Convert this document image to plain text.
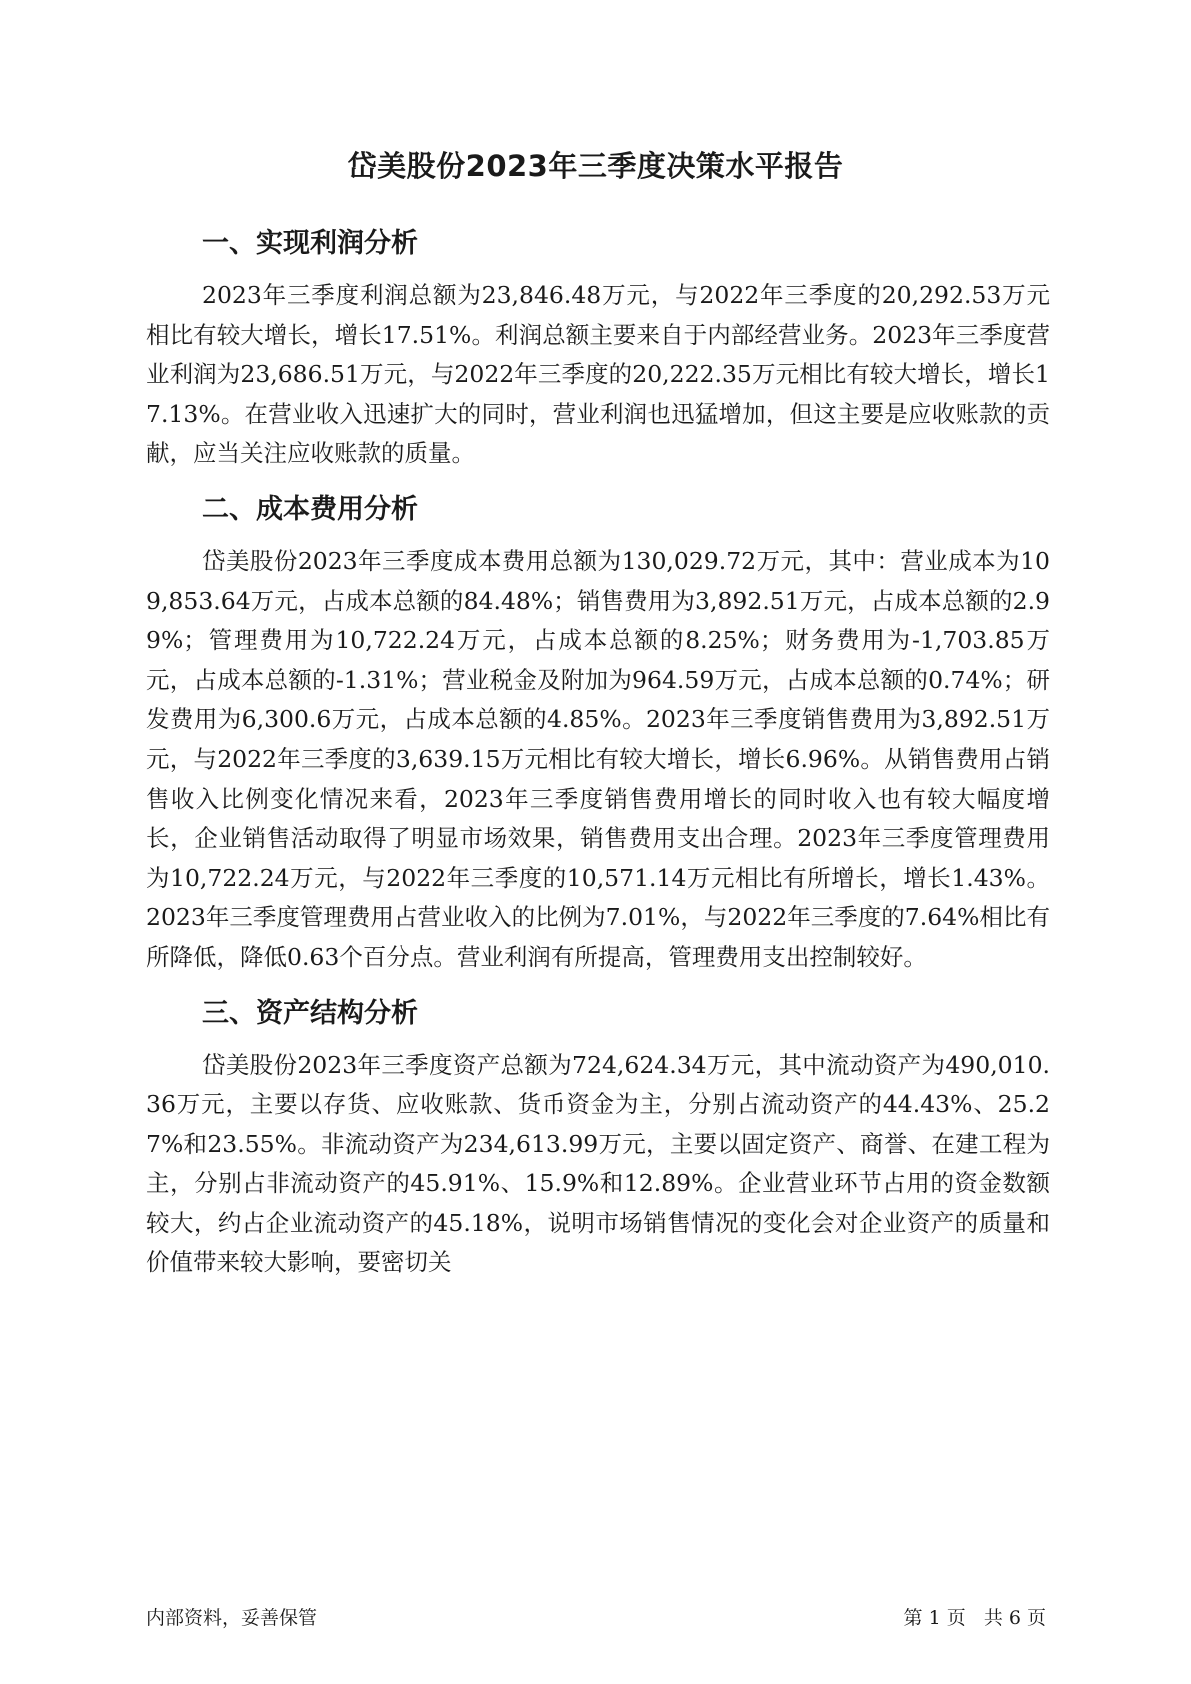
岱美股份2023年三季度决策水平报告
一、实现利润分析

2023年三季度利润总额为23,846.48万元，与2022年三季度的20,292.53万元相比有较大增长，增长17.51%。利润总额主要来自于内部经营业务。2023年三季度营业利润为23,686.51万元，与2022年三季度的20,222.35万元相比有较大增长，增长17.13%。在营业收入迅速扩大的同时，营业利润也迅猛增加，但这主要是应收账款的贡献，应当关注应收账款的质量。

二、成本费用分析

岱美股份2023年三季度成本费用总额为130,029.72万元，其中：营业成本为109,853.64万元，占成本总额的84.48%；销售费用为3,892.51万元，占成本总额的2.99%；管理费用为10,722.24万元，占成本总额的8.25%；财务费用为-1,703.85万元，占成本总额的-1.31%；营业税金及附加为964.59万元，占成本总额的0.74%；研发费用为6,300.6万元，占成本总额的4.85%。2023年三季度销售费用为3,892.51万元，与2022年三季度的3,639.15万元相比有较大增长，增长6.96%。从销售费用占销售收入比例变化情况来看，2023年三季度销售费用增长的同时收入也有较大幅度增长，企业销售活动取得了明显市场效果，销售费用支出合理。2023年三季度管理费用为10,722.24万元，与2022年三季度的10,571.14万元相比有所增长，增长1.43%。2023年三季度管理费用占营业收入的比例为7.01%，与2022年三季度的7.64%相比有所降低，降低0.63个百分点。营业利润有所提高，管理费用支出控制较好。

三、资产结构分析

岱美股份2023年三季度资产总额为724,624.34万元，其中流动资产为490,010.36万元，主要以存货、应收账款、货币资金为主，分别占流动资产的44.43%、25.27%和23.55%。非流动资产为234,613.99万元，主要以固定资产、商誉、在建工程为主，分别占非流动资产的45.91%、15.9%和12.89%。企业营业环节占用的资金数额较大，约占企业流动资产的45.18%，说明市场销售情况的变化会对企业资产的质量和价值带来较大影响，要密切关

内部资料，妥善保管	第 1 页   共 6 页
